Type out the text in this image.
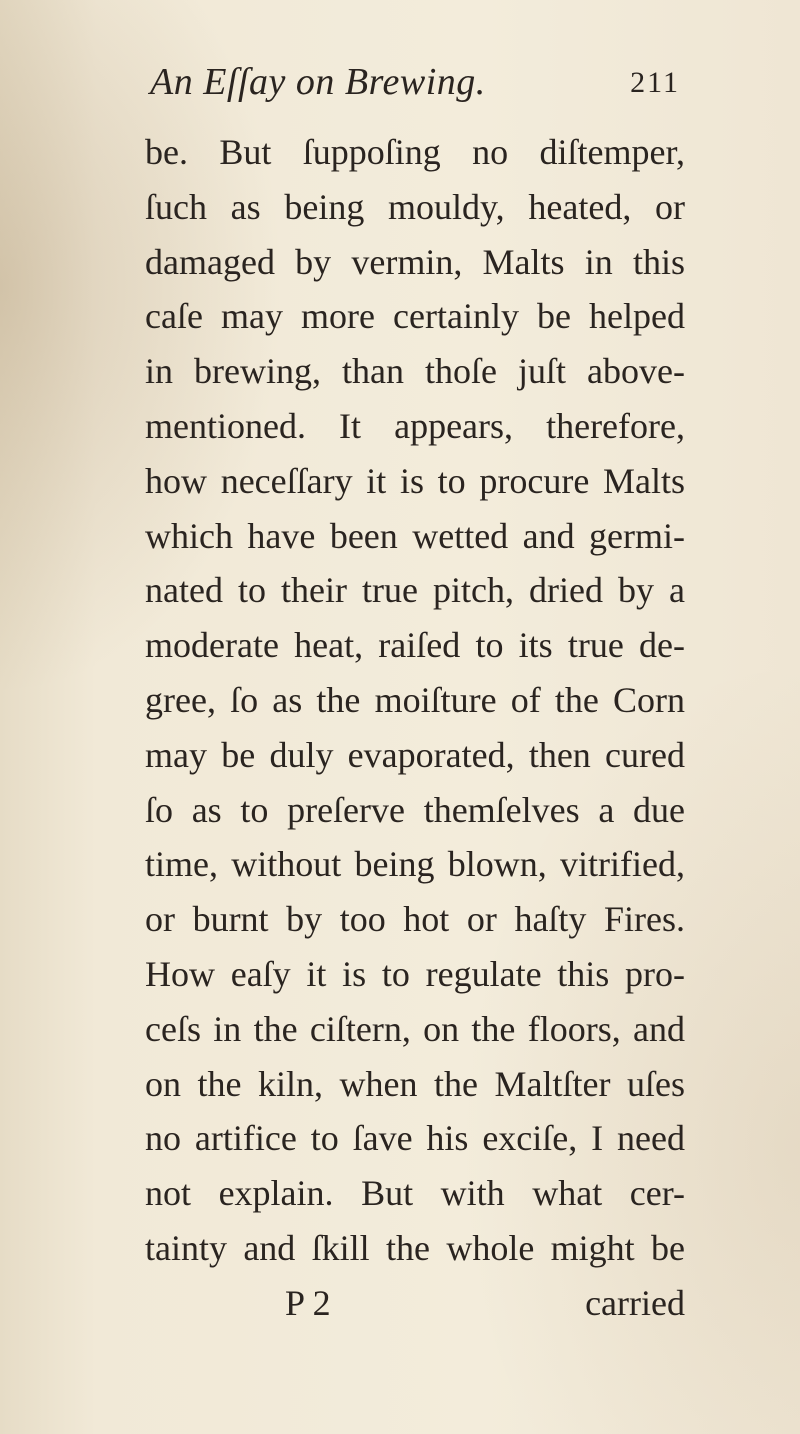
An Eſſay on Brewing.	211
be. But ſuppoſing no diſtemper,
ſuch as being mouldy, heated, or
damaged by vermin, Malts in this
caſe may more certainly be helped
in brewing, than thoſe juſt above-
mentioned. It appears, therefore,
how neceſſary it is to procure Malts
which have been wetted and germi-
nated to their true pitch, dried by a
moderate heat, raiſed to its true de-
gree, ſo as the moiſture of the Corn
may be duly evaporated, then cured
ſo as to preſerve themſelves a due
time, without being blown, vitrified,
or burnt by too hot or haſty Fires.
How eaſy it is to regulate this pro-
ceſs in the ciſtern, on the floors, and
on the kiln, when the Maltſter uſes
no artifice to ſave his exciſe, I need
not explain. But with what cer-
tainty and ſkill the whole might be
P 2	carried
